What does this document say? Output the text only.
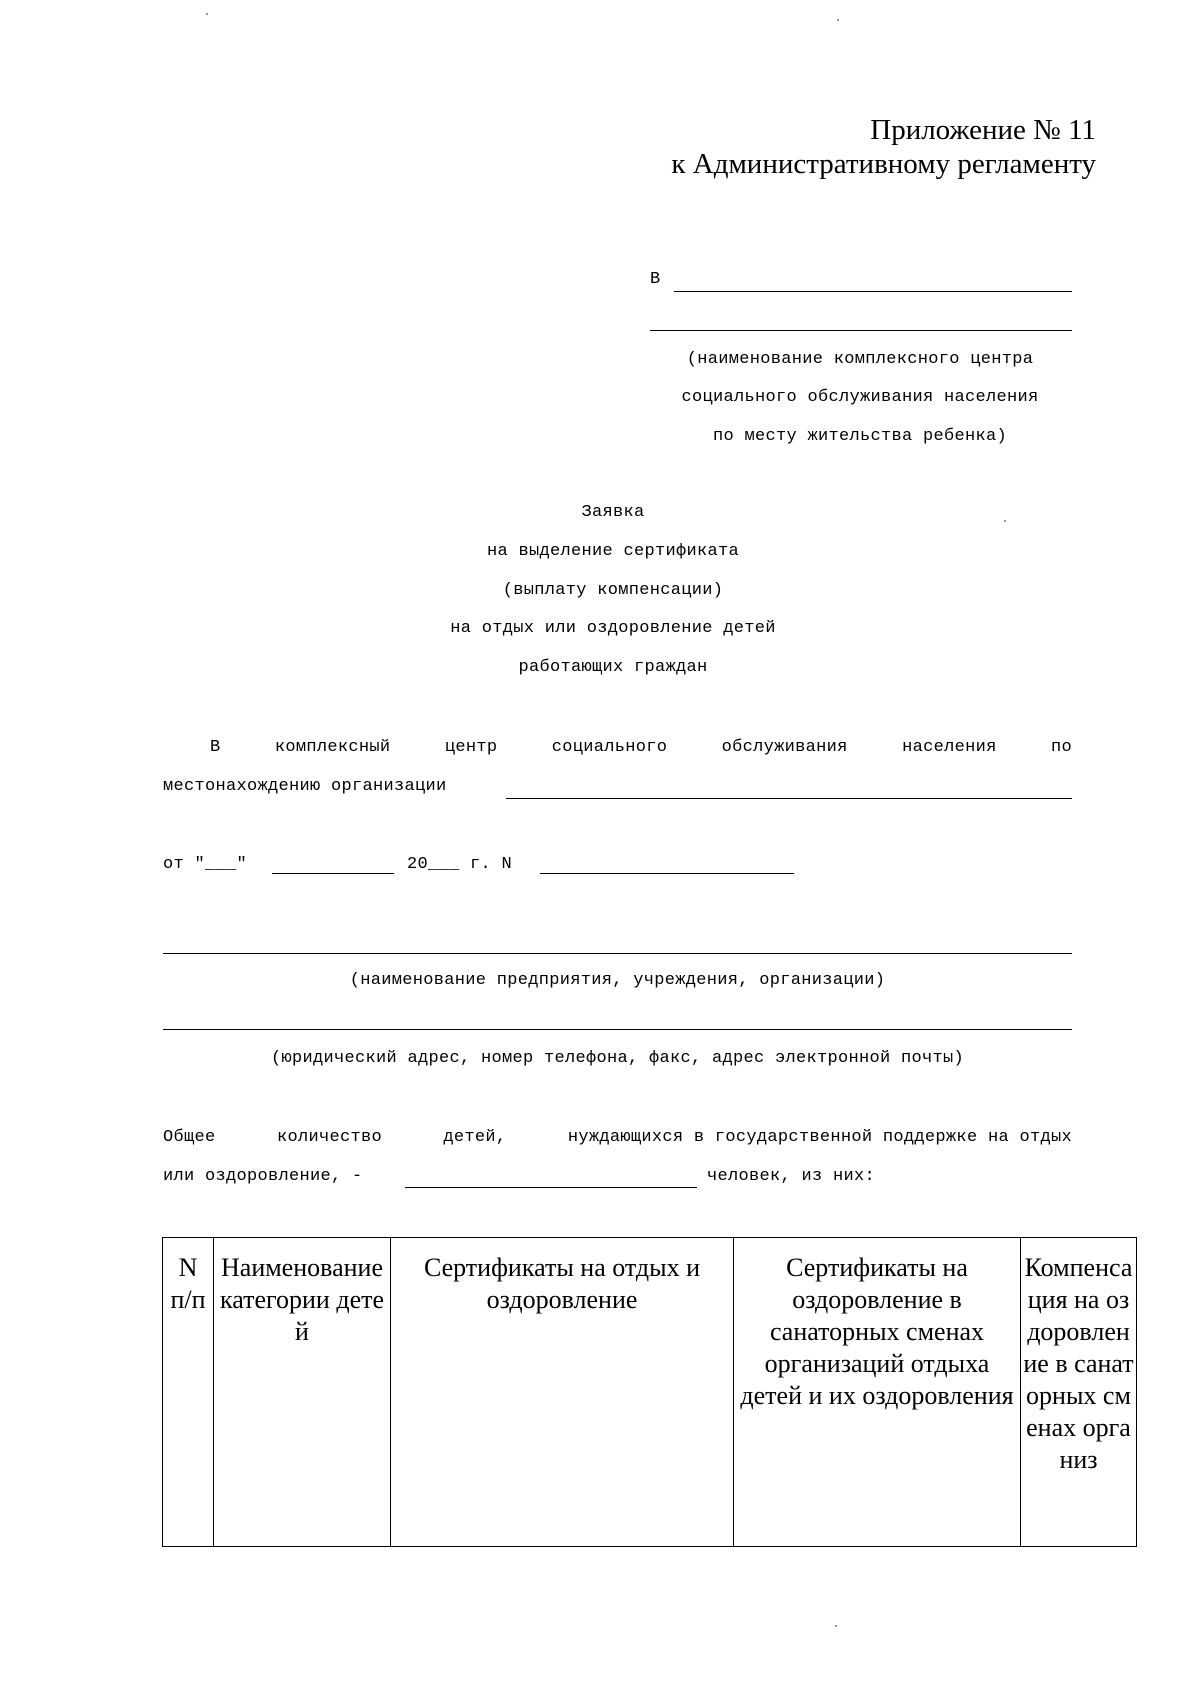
Приложение № 11
к Административному регламенту
В
(наименование комплексного центра
социального обслуживания населения
по месту жительства ребенка)
Заявка
на выделение сертификата
(выплату компенсации)
на отдых или оздоровление детей
работающих граждан
В	комплексный	центр	социального	обслуживания	населения	по
местонахождению организации
от "___"	20___ г. N
(наименование предприятия, учреждения, организации)
(юридический адрес, номер телефона, факс, адрес электронной почты)
Общее	количество	детей,	нуждающихся в государственной поддержке на отдых
или оздоровление, -	человек, из них:
N п/п	Наименование категории детей	Сертификаты на отдых и оздоровление	Сертификаты на оздоровление в санаторных сменах организаций отдыха детей и их оздоровления	Компенсация на оздоровление в санаторных сменах организ
